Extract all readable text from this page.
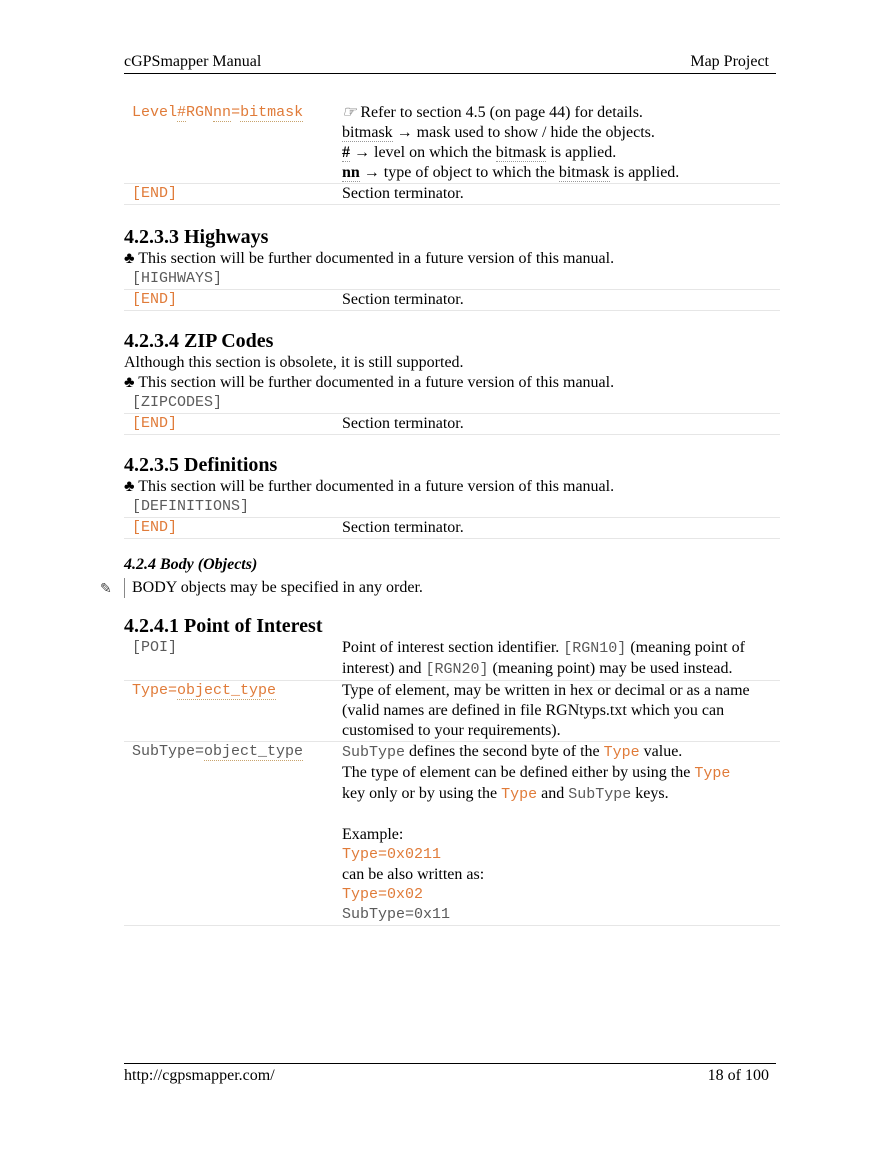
cGPSmapper Manual	Map Project
Level#RGNnn=bitmask	☞ Refer to section 4.5 (on page 44) for details.
bitmask → mask used to show / hide the objects.
# → level on which the bitmask is applied.
nn → type of object to which the bitmask is applied.
[END]	Section terminator.
4.2.3.3 Highways

♣ This section will be further documented in a future version of this manual.

[HIGHWAYS]
[END]	Section terminator.
4.2.3.4 ZIP Codes

Although this section is obsolete, it is still supported.

♣ This section will be further documented in a future version of this manual.

[ZIPCODES]
[END]	Section terminator.
4.2.3.5 Definitions

♣ This section will be further documented in a future version of this manual.

[DEFINITIONS]
[END]	Section terminator.
4.2.4 Body (Objects)
✎	BODY objects may be specified in any order.
4.2.4.1 Point of Interest
[POI]	Point of interest section identifier. [RGN10] (meaning point of interest) and [RGN20] (meaning point) may be used instead.
Type=object_type	Type of element, may be written in hex or decimal or as a name (valid names are defined in file RGNtyps.txt which you can customised to your requirements).
SubType=object_type	SubType defines the second byte of the Type value.
The type of element can be defined either by using the Type
key only or by using the Type and SubType keys.
Example:
Type=0x0211
can be also written as:
Type=0x02
SubType=0x11
http://cgpsmapper.com/	18 of 100
